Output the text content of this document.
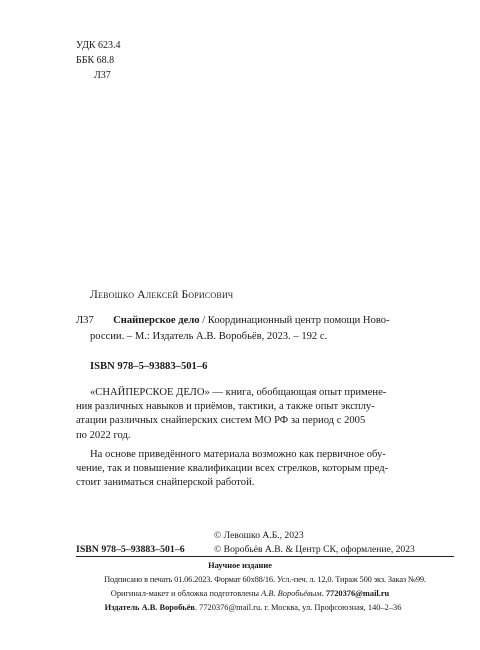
УДК 623.4
ББК 68.8
Л37
Левошко Алексей Борисович
Л37 Снайперское дело / Координационный центр помощи Ново-
россии. – М.: Издатель А.В. Воробьёв, 2023. – 192 с.
ISBN 978–5–93883–501–6
«СНАЙПЕРСКОЕ ДЕЛО» — книга, обобщающая опыт примене-
ния различных навыков и приёмов, тактики, а также опыт эксплу-
атации различных снайперских систем МО РФ за период с 2005
по 2022 год.
На основе приведённого материала возможно как первичное обу-
чение, так и повышение квалификации всех стрелков, которым пред-
стоит заниматься снайперской работой.
© Левошко А.Б., 2023
ISBN 978–5–93883–501–6	© Воробьёв А.В. & Центр СК, оформление, 2023
Научное издание
Подписано в печать 01.06.2023. Формат 60х88/16. Усл.-печ. л. 12,0. Тираж 500 экз. Заказ №99.
Оригинал-макет и обложка подготовлены А.В. Воробьёвым. 7720376@mail.ru
Издатель А.В. Воробьёв. 7720376@mail.ru. г. Москва, ул. Профсоюзная, 140–2–36
